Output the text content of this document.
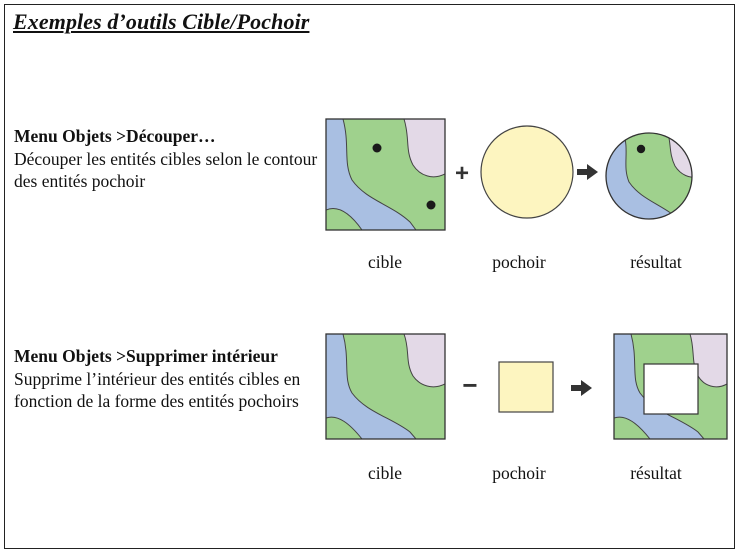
Exemples d’outils Cible/Pochoir
Menu Objets >Découper…
Découper les entités cibles selon le contour des entités pochoir
Menu Objets >Supprimer intérieur
Supprime l’intérieur des entités cibles en fonction de la forme des entités pochoirs
+
−
cible	pochoir	résultat
cible	pochoir	résultat
